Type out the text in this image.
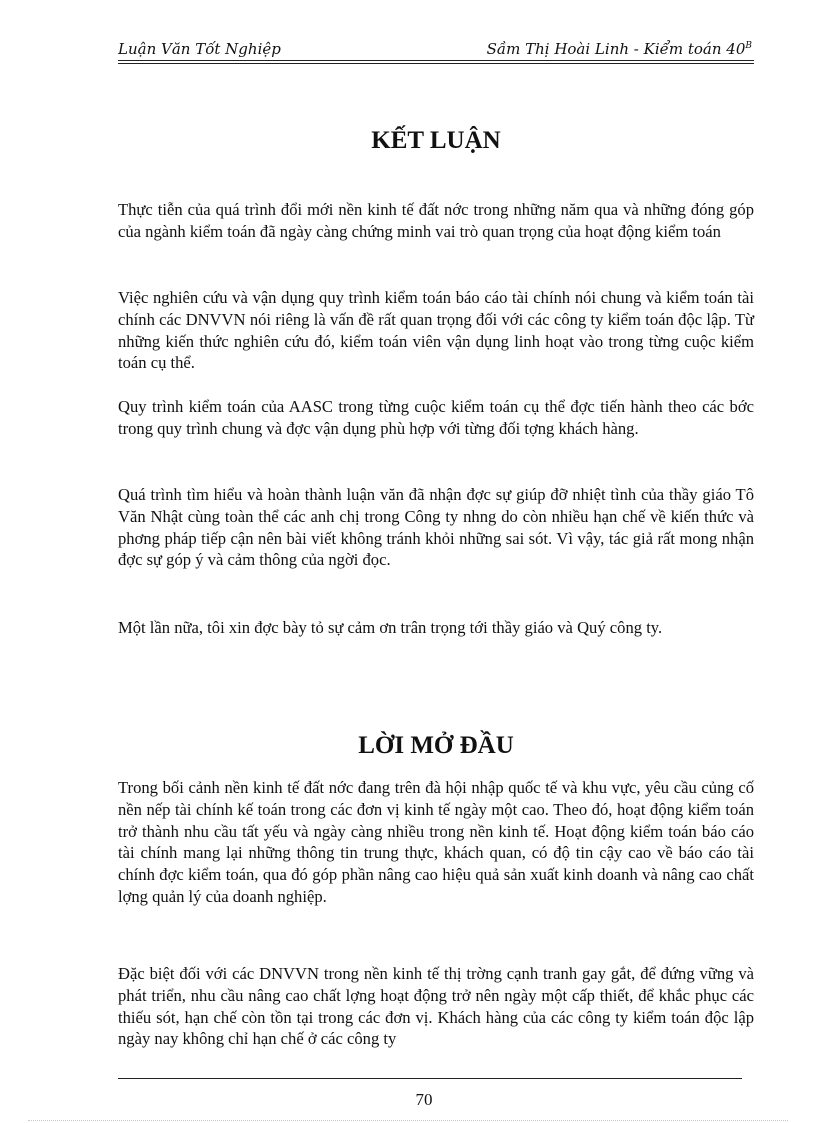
Luận Văn Tốt Nghiệp	Sầm Thị Hoài Linh - Kiểm toán $40^B$
KẾT LUẬN

Thực tiễn của quá trình đổi mới nền kinh tế đất nớc trong những năm qua và những đóng góp của ngành kiểm toán đã ngày càng chứng minh vai trò quan trọng của hoạt động kiểm toán

Việc nghiên cứu và vận dụng quy trình kiểm toán báo cáo tài chính nói chung và kiểm toán tài chính các DNVVN nói riêng là vấn đề rất quan trọng đối với các công ty kiểm toán độc lập. Từ những kiến thức nghiên cứu đó, kiểm toán viên vận dụng linh hoạt vào trong từng cuộc kiểm toán cụ thể.

Quy trình kiểm toán của AASC trong từng cuộc kiểm toán cụ thể đợc tiến hành theo các bớc trong quy trình chung và đợc vận dụng phù hợp với từng đối tợng khách hàng.

Quá trình tìm hiểu và hoàn thành luận văn đã nhận đợc sự giúp đỡ nhiệt tình của thầy giáo Tô Văn Nhật cùng toàn thể các anh chị trong Công ty nhng do còn nhiều hạn chế về kiến thức và phơng pháp tiếp cận nên bài viết không tránh khỏi những sai sót. Vì vậy, tác giả rất mong nhận đợc sự góp ý và cảm thông của ngời đọc.

Một lần nữa, tôi xin đợc bày tỏ sự cảm ơn trân trọng tới thầy giáo và Quý công ty.

LỜI MỞ ĐẦU

Trong bối cảnh nền kinh tế đất nớc đang trên đà hội nhập quốc tế và khu vực, yêu cầu củng cố nền nếp tài chính kế toán trong các đơn vị kinh tế ngày một cao. Theo đó, hoạt động kiểm toán trở thành nhu cầu tất yếu và ngày càng nhiều trong nền kinh tế. Hoạt động kiểm toán báo cáo tài chính mang lại những thông tin trung thực, khách quan, có độ tin cậy cao về báo cáo tài chính đợc kiểm toán, qua đó góp phần nâng cao hiệu quả sản xuất kinh doanh và nâng cao chất lợng quản lý của doanh nghiệp.

Đặc biệt đối với các DNVVN trong nền kinh tế thị trờng cạnh tranh gay gắt, để đứng vững và phát triển, nhu cầu nâng cao chất lợng hoạt động trở nên ngày một cấp thiết, để khắc phục các thiếu sót, hạn chế còn tồn tại trong các đơn vị. Khách hàng của các công ty kiểm toán độc lập ngày nay không chỉ hạn chế ở các công ty

70
